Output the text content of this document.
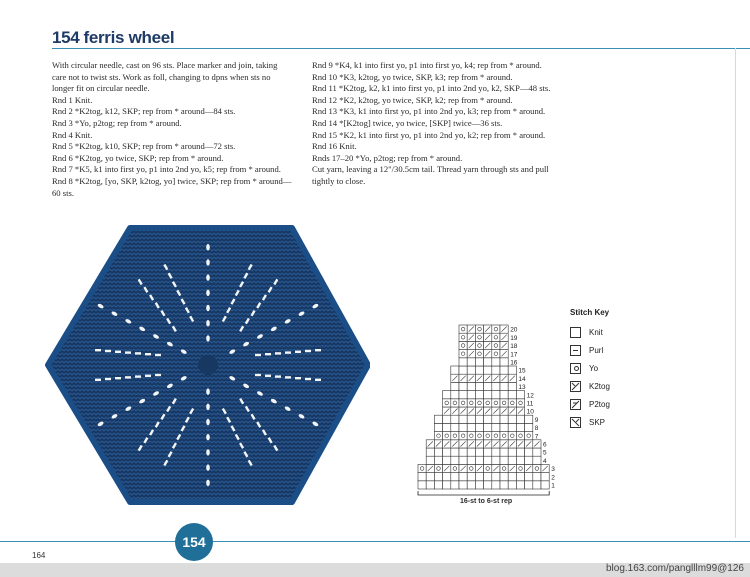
154 ferris wheel

With circular needle, cast on 96 sts. Place marker and join, taking care not to twist sts. Work as foll, changing to dpns when sts no longer fit on circular needle.

Rnd 1 Knit.

Rnd 2 *K2tog, k12, SKP; rep from * around—84 sts.

Rnd 3 *Yo, p2tog; rep from * around.

Rnd 4 Knit.

Rnd 5 *K2tog, k10, SKP; rep from * around—72 sts.

Rnd 6 *K2tog, yo twice, SKP; rep from * around.

Rnd 7 *K5, k1 into first yo, p1 into 2nd yo, k5; rep from * around.

Rnd 8 *K2tog, [yo, SKP, k2tog, yo] twice, SKP; rep from * around—60 sts.

Rnd 9 *K4, k1 into first yo, p1 into first yo, k4; rep from * around.

Rnd 10 *K3, k2tog, yo twice, SKP, k3; rep from * around.

Rnd 11 *K2tog, k2, k1 into first yo, p1 into 2nd yo, k2, SKP—48 sts.

Rnd 12 *K2, k2tog, yo twice, SKP, k2; rep from * around.

Rnd 13 *K3, k1 into first yo, p1 into 2nd yo, k3; rep from * around.

Rnd 14 *[K2tog] twice, yo twice, [SKP] twice—36 sts.

Rnd 15 *K2, k1 into first yo, p1 into 2nd yo, k2; rep from * around.

Rnd 16 Knit.

Rnds 17–20 *Yo, p2tog; rep from * around.

Cut yarn, leaving a 12"/30.5cm tail. Thread yarn through sts and pull tightly to close.

1
2
3
4
5
6
7
8
9
10
11
12
13
14
15
16
17
18
19
20
16-st to 6-st rep
Stitch Key
Knit
Purl
Yo
K2tog
P2tog
SKP
154
164
blog.163.com/panglllm99@126
